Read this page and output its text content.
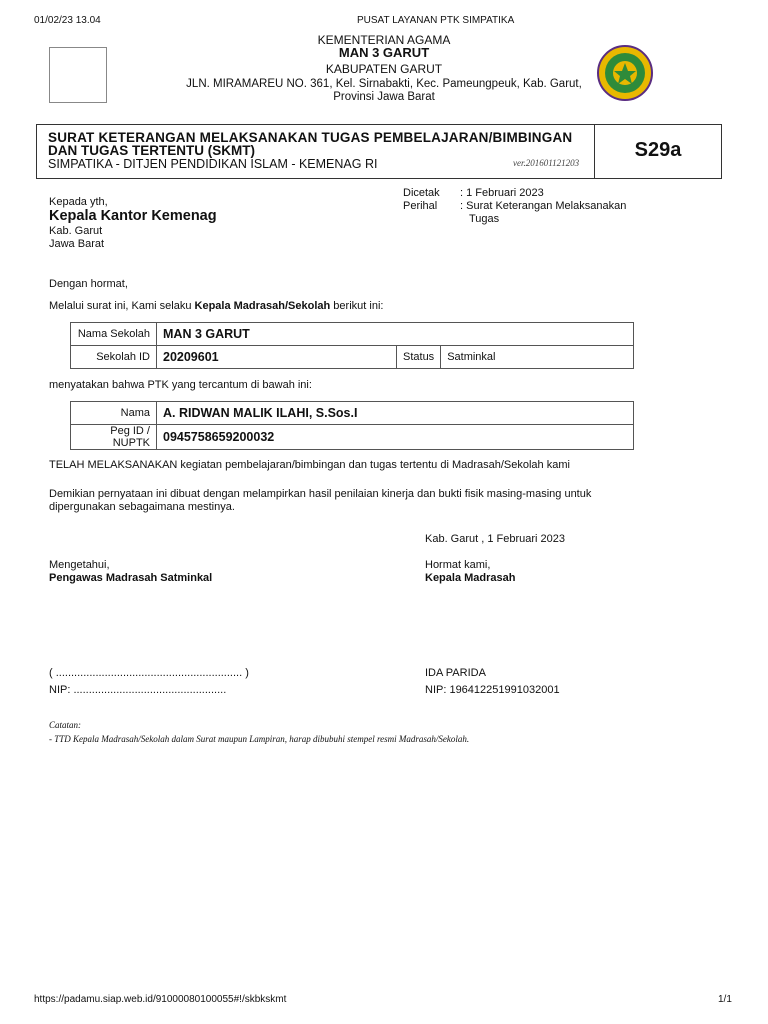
01/02/23 13.04	PUSAT LAYANAN PTK SIMPATIKA
KEMENTERIAN AGAMA
MAN 3 GARUT
KABUPATEN GARUT
JLN. MIRAMAREU NO. 361, Kel. Sirnabakti, Kec. Pameungpeuk, Kab. Garut,
Provinsi Jawa Barat
SURAT KETERANGAN MELAKSANAKAN TUGAS PEMBELAJARAN/BIMBINGAN
DAN TUGAS TERTENTU (SKMT)
SIMPATIKA - DITJEN PENDIDIKAN ISLAM - KEMENAG RI	ver.201601121203
S29a
Kepada yth,
Kepala Kantor Kemenag
Kab. Garut
Jawa Barat
Dicetak : 1 Februari 2023
Perihal : Surat Keterangan Melaksanakan
Tugas
Dengan hormat,
Melalui surat ini, Kami selaku Kepala Madrasah/Sekolah berikut ini:
Nama Sekolah	MAN 3 GARUT		
Sekolah ID	20209601	Status	Satminkal
menyatakan bahwa PTK yang tercantum di bawah ini:
Nama	A. RIDWAN MALIK ILAHI, S.Sos.I
Peg ID / NUPTK	0945758659200032
TELAH MELAKSANAKAN kegiatan pembelajaran/bimbingan dan tugas tertentu di Madrasah/Sekolah kami
Demikian pernyataan ini dibuat dengan melampirkan hasil penilaian kinerja dan bukti fisik masing-masing untuk
dipergunakan sebagaimana mestinya.
Kab. Garut , 1 Februari 2023
Mengetahui,
Pengawas Madrasah Satminkal
( ............................................................. )
NIP: ..................................................
Hormat kami,
Kepala Madrasah
IDA PARIDA
NIP: 196412251991032001
Catatan:
- TTD Kepala Madrasah/Sekolah dalam Surat maupun Lampiran, harap dibubuhi stempel resmi Madrasah/Sekolah.
https://padamu.siap.web.id/91000080100055#!/skbkskmt	1/1
